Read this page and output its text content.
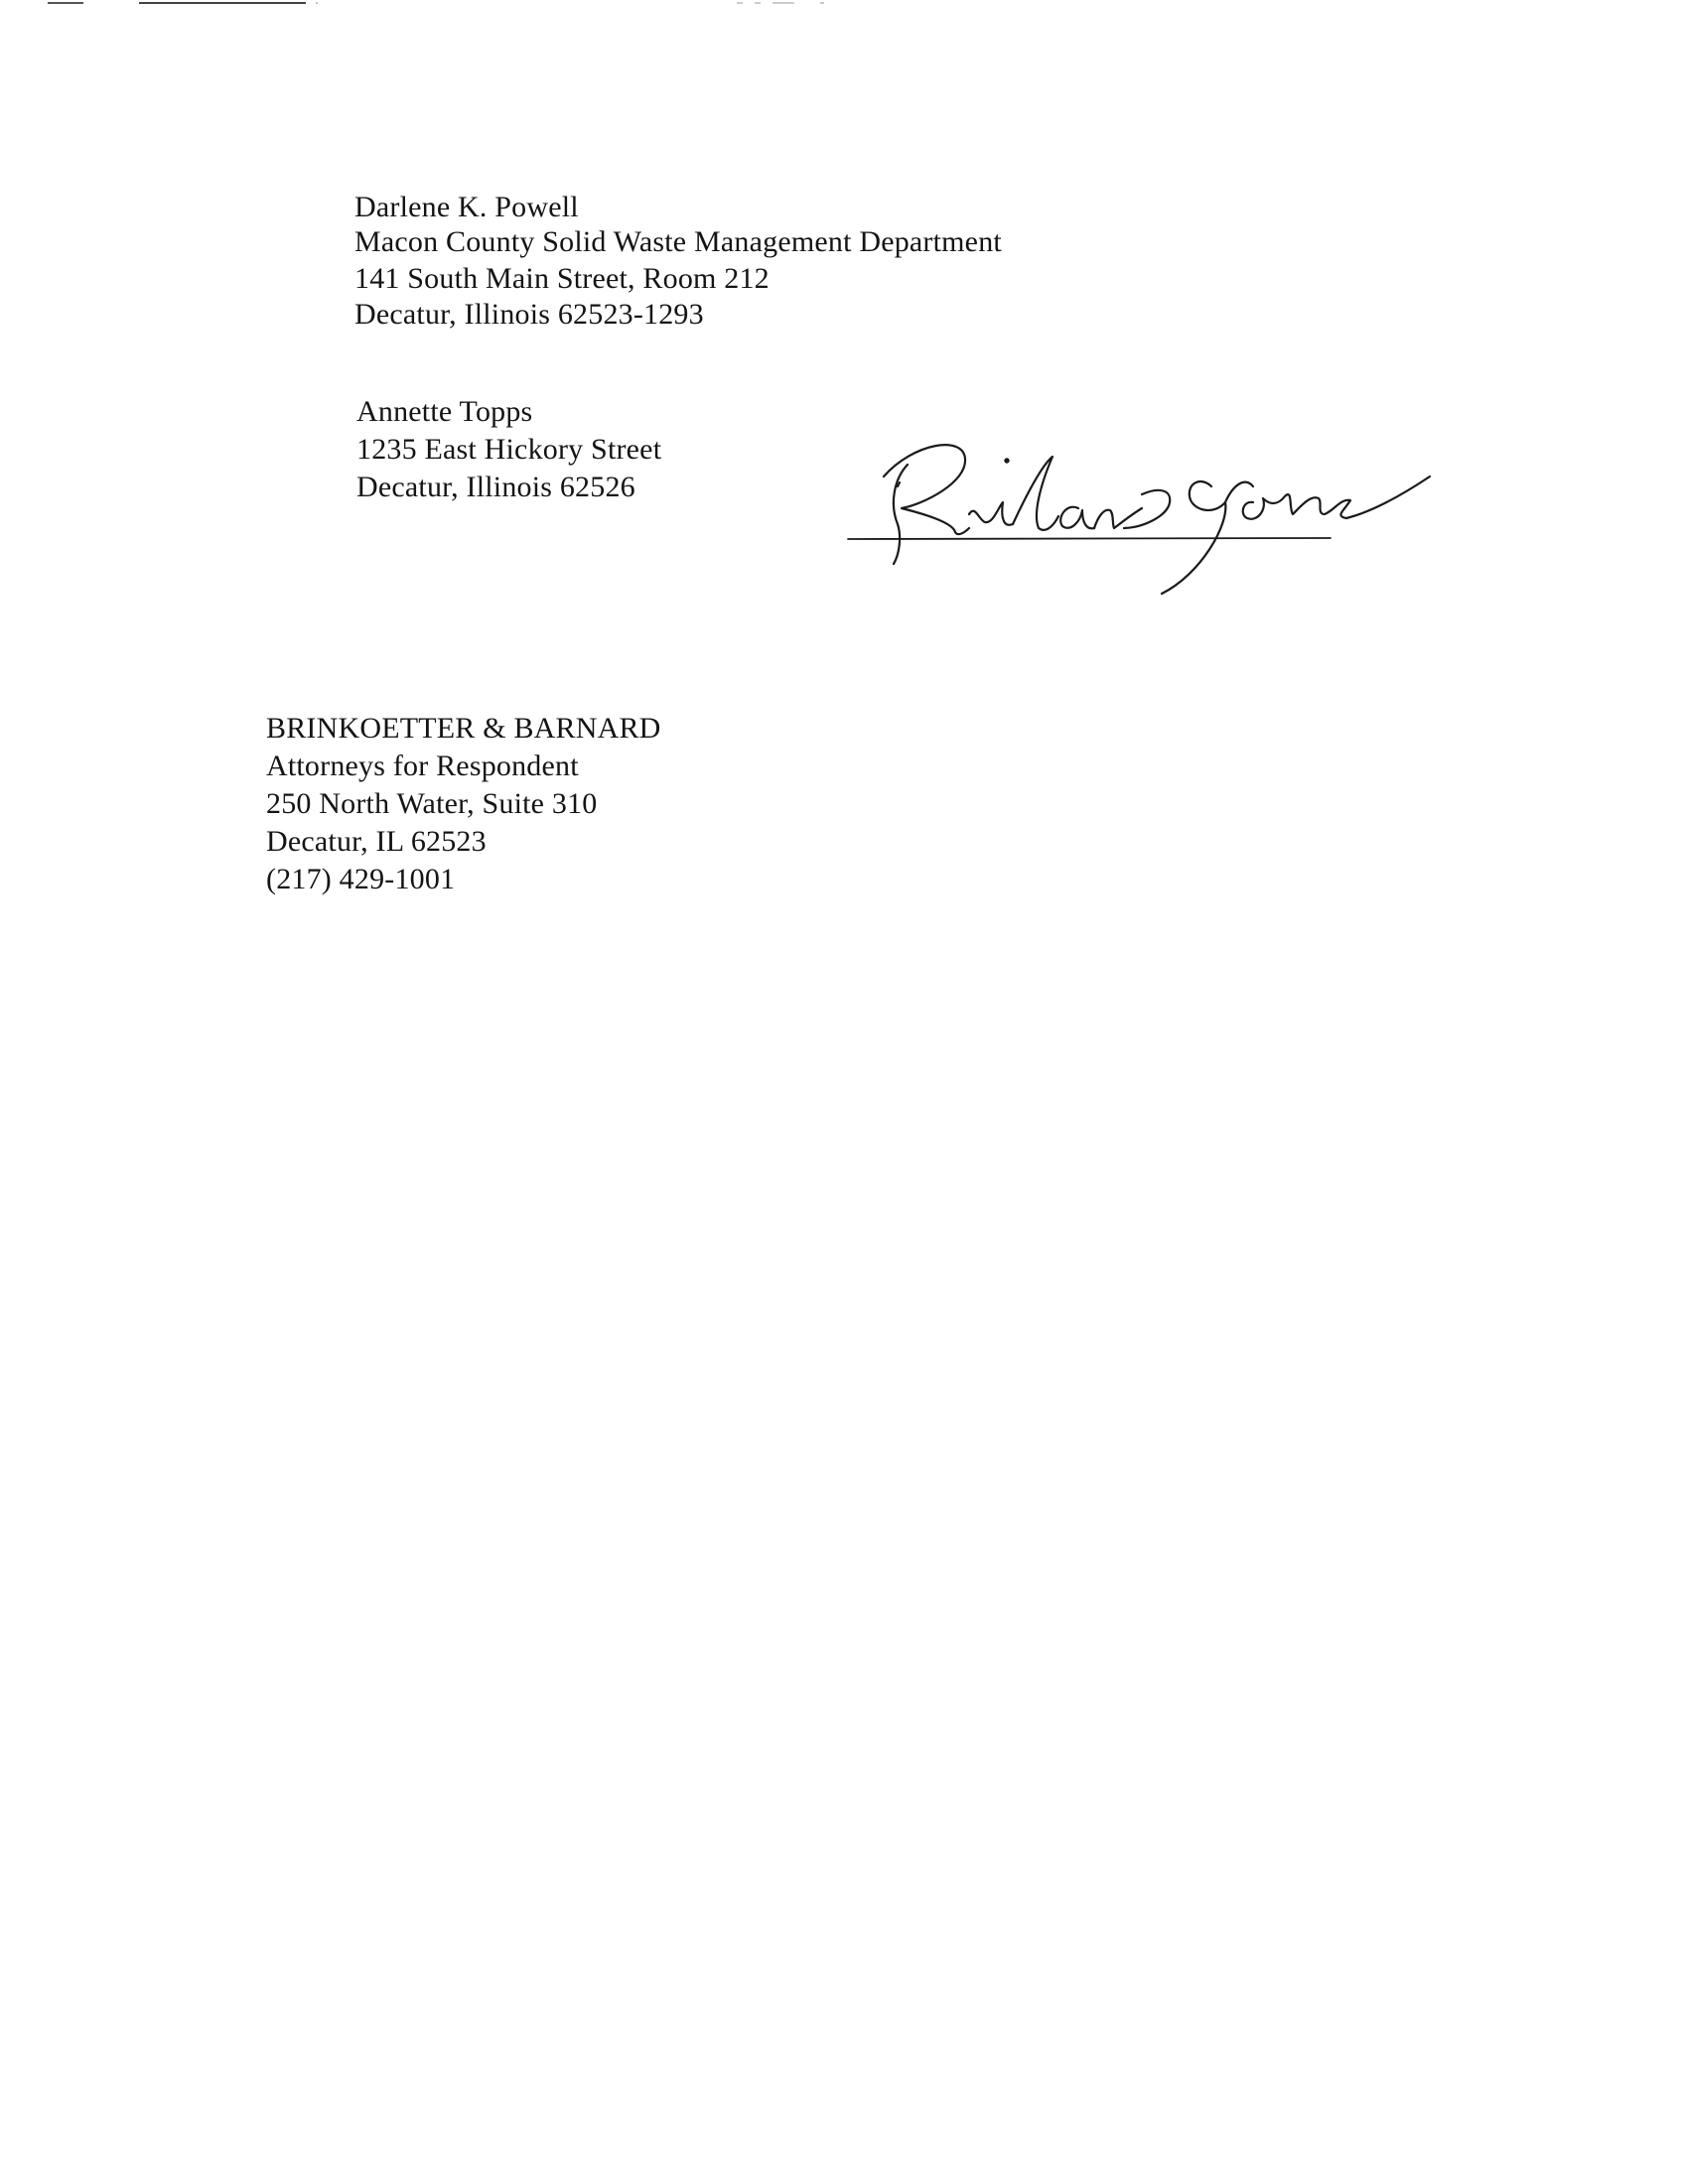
Darlene K. Powell
Macon County Solid Waste Management Department
141 South Main Street, Room 212
Decatur, Illinois 62523-1293
Annette Topps
1235 East Hickory Street
Decatur, Illinois 62526
BRINKOETTER & BARNARD
Attorneys for Respondent
250 North Water, Suite 310
Decatur, IL 62523
(217) 429-1001
